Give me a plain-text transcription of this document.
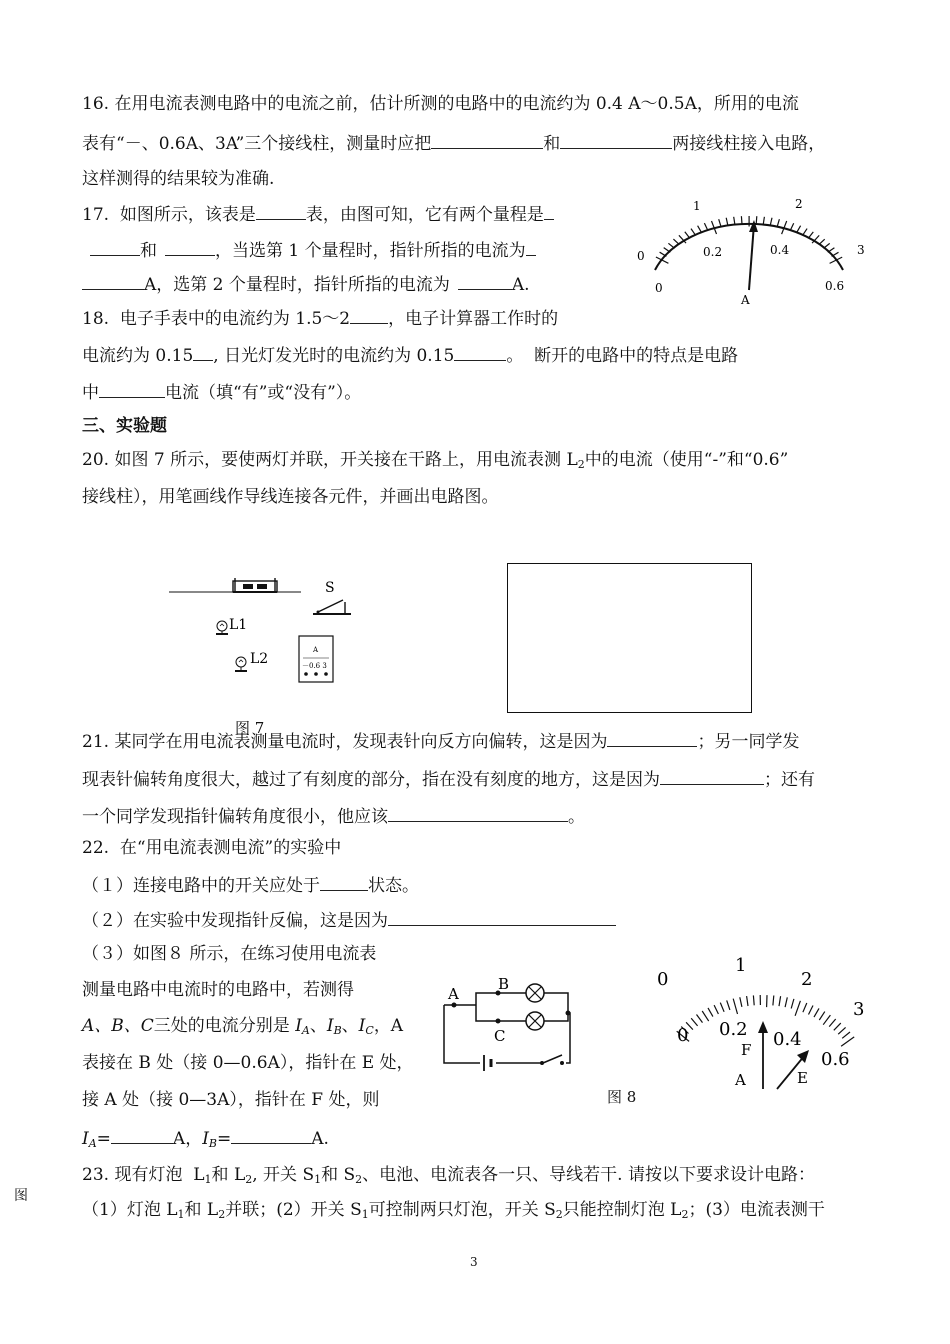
16. 在用电流表测电路中的电流之前，估计所测的电路中的电流约为 0.4 A～0.5A，所用的电流
表有“－、0.6A、3A”三个接线柱，测量时应把	和	两接线柱接入电路，
这样测得的结果较为准确.
17.  如图所示，该表是	表，由图可知，它有两个量程是
和	，当选第 1 个量程时，指针所指的电流为
A，选第 2 个量程时，指针所指的电流为	A.
0
1	2
3
0
0.2	0.4
0.6
A
18.  电子手表中的电流约为 1.5～2 ，电子计算器工作时的
电流约为 0.15 , 日光灯发光时的电流约为 0.15	。  断开的电路中的特点是电路
中	电流（填“有”或“没有”）。
三、实验题
20. 如图 7 所示，要使两灯并联，开关接在干路上，用电流表测 $L_2$中的电流（使用“-”和“0.6”
接线柱），用笔画线作导线连接各元件，并画出电路图。
S
L1
L2
A
－0.6 3
图 7
21. 某同学在用电流表测量电流时，发现表针向反方向偏转，这是因为	；另一同学发
现表针偏转角度很大，越过了有刻度的部分，指在没有刻度的地方，这是因为	；还有
一个同学发现指针偏转角度很小，他应该	。
22.  在“用电流表测电流”的实验中
（１）连接电路中的开关应处于	状态。
（２）在实验中发现指针反偏，这是因为
（３）如图８ 所示，在练习使用电流表
测量电路中电流时的电路中，若测得
A、B、C三处的电流分别是 $I_A$、$I_B$、$I_C$，A
表接在 B 处（接 0—0.6A），指针在 E 处，
接 A 处（接 0—3A），指针在 F 处，则
$I_A=$	A，$I_B=$	A.
A
B
C
图 8
0
1
2
3
0 0.2 0.4
0.6
F
E
A
23. 现有灯泡  $L_1$和 $L_2$, 开关 $S_1$和 $S_2$、电池、电流表各一只、导线若干. 请按以下要求设计电路：
（1）灯泡 $L_1$和 $L_2$并联；(2）开关 $S_1$可控制两只灯泡，开关 $S_2$只能控制灯泡 $L_2$；(3）电流表测干
图
3
